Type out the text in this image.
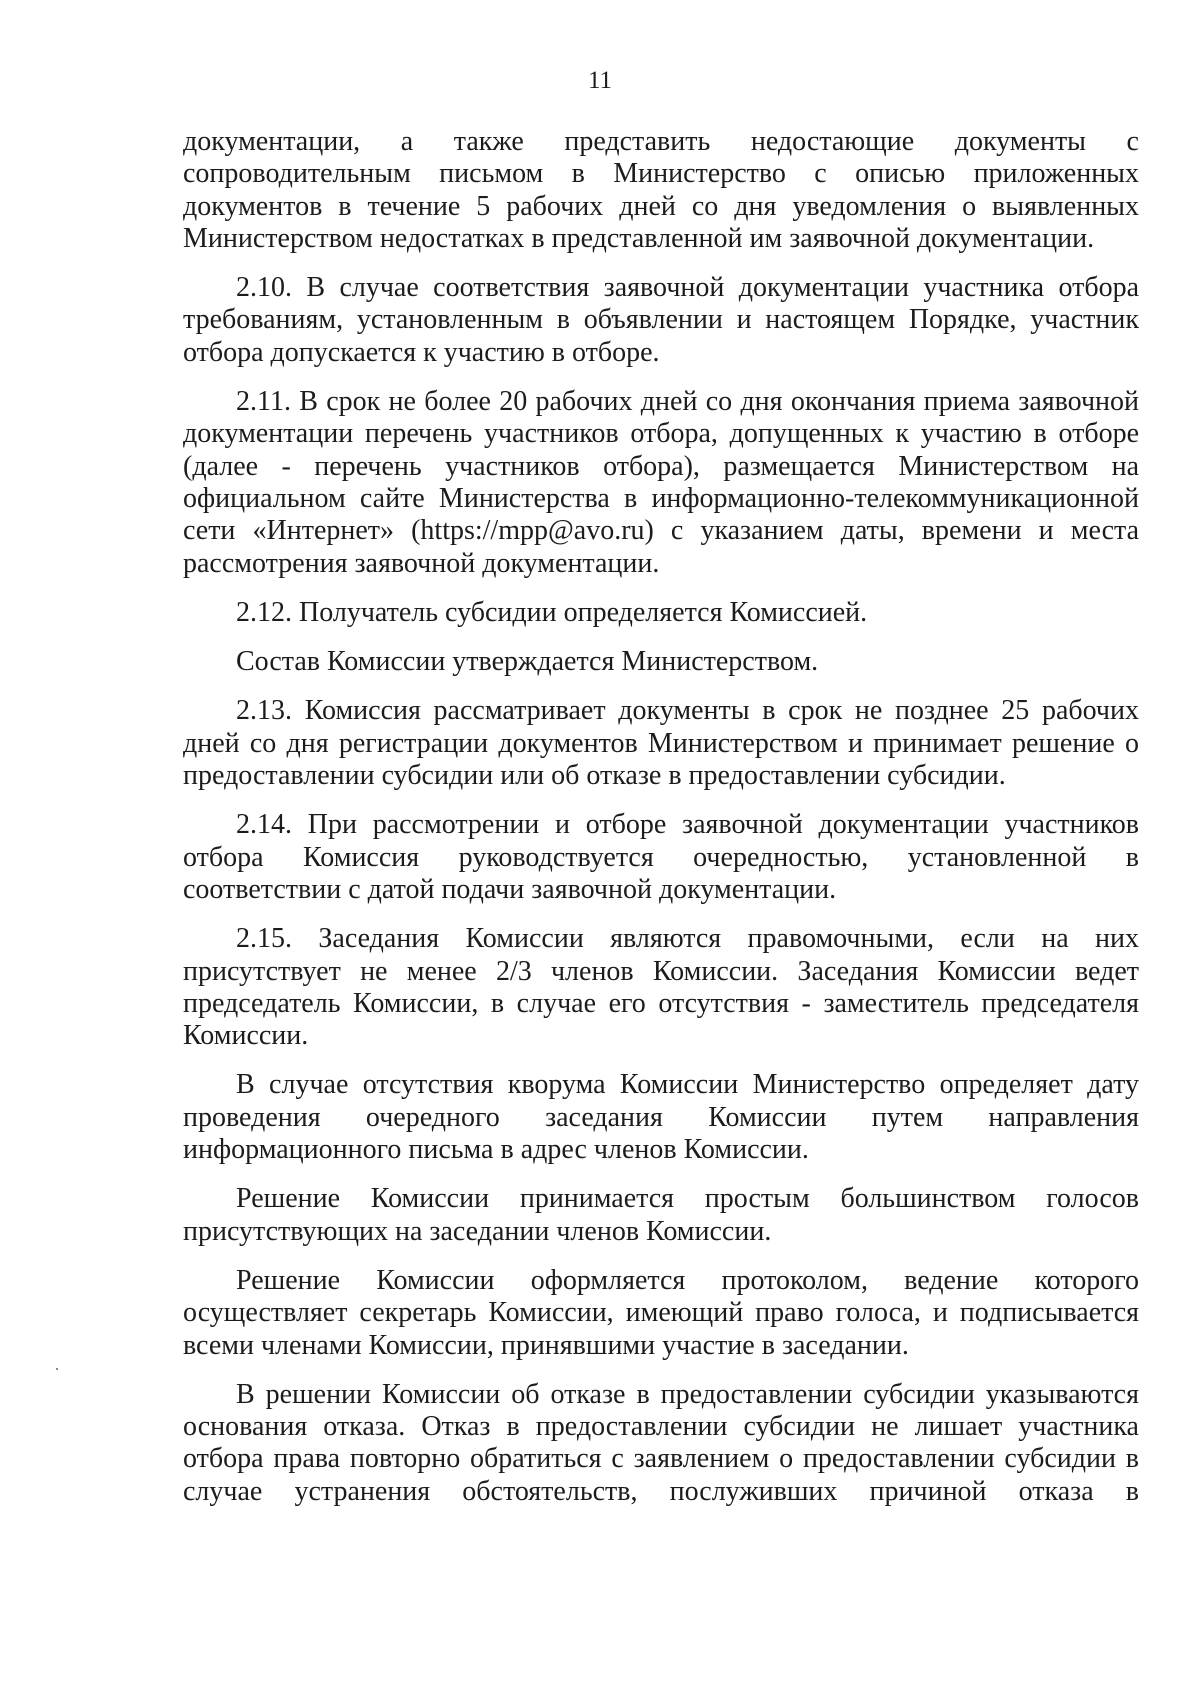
11

документации, а также представить недостающие документы с сопроводительным письмом в Министерство с описью приложенных документов в течение 5 рабочих дней со дня уведомления о выявленных Министерством недостатках в представленной им заявочной документации.

2.10. В случае соответствия заявочной документации участника отбора требованиям, установленным в объявлении и настоящем Порядке, участник отбора допускается к участию в отборе.

2.11. В срок не более 20 рабочих дней со дня окончания приема заявочной документации перечень участников отбора, допущенных к участию в отборе (далее - перечень участников отбора), размещается Министерством на официальном сайте Министерства в информационно-телекоммуникационной сети «Интернет» (https://mpp@avo.ru) с указанием даты, времени и места рассмотрения заявочной документации.

2.12. Получатель субсидии определяется Комиссией.

Состав Комиссии утверждается Министерством.

2.13. Комиссия рассматривает документы в срок не позднее 25 рабочих дней со дня регистрации документов Министерством и принимает решение о предоставлении субсидии или об отказе в предоставлении субсидии.

2.14. При рассмотрении и отборе заявочной документации участников отбора Комиссия руководствуется очередностью, установленной в соответствии с датой подачи заявочной документации.

2.15. Заседания Комиссии являются правомочными, если на них присутствует не менее 2/3 членов Комиссии. Заседания Комиссии ведет председатель Комиссии, в случае его отсутствия - заместитель председателя Комиссии.

В случае отсутствия кворума Комиссии Министерство определяет дату проведения очередного заседания Комиссии путем направления информационного письма в адрес членов Комиссии.

Решение Комиссии принимается простым большинством голосов присутствующих на заседании членов Комиссии.

Решение Комиссии оформляется протоколом, ведение которого осуществляет секретарь Комиссии, имеющий право голоса, и подписывается всеми членами Комиссии, принявшими участие в заседании.

В решении Комиссии об отказе в предоставлении субсидии указываются основания отказа. Отказ в предоставлении субсидии не лишает участника отбора права повторно обратиться с заявлением о предоставлении субсидии в случае устранения обстоятельств, послуживших причиной отказа в
